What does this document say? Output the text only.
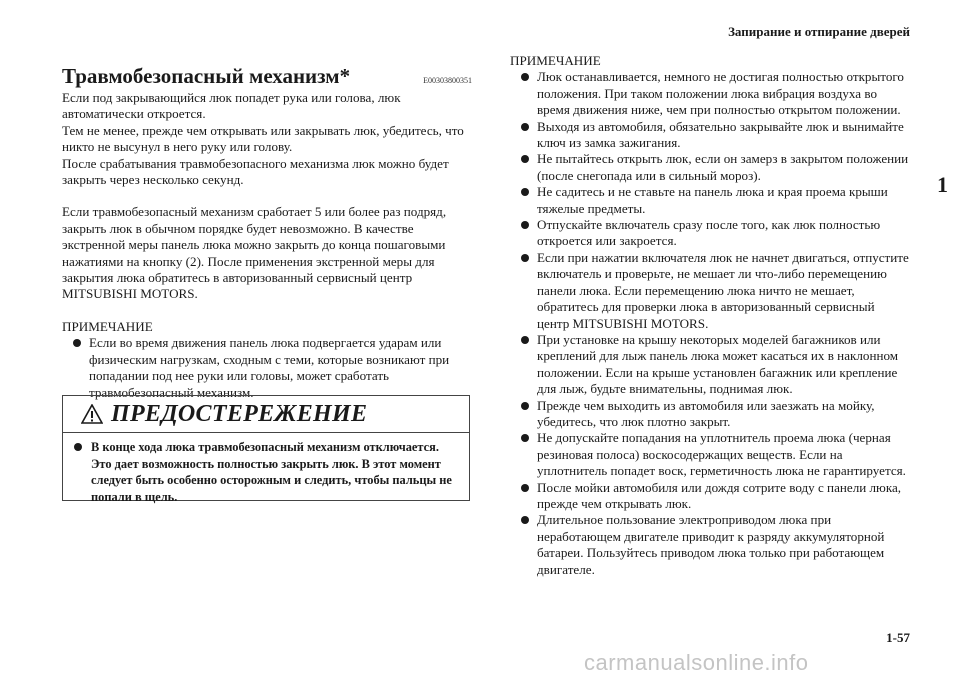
Запирание и отпирание дверей
1
Травмобезопасный механизм*	E00303800351
Если под закрывающийся люк попадет рука или голова, люк автоматически откроется.
Тем не менее, прежде чем открывать или закрывать люк, убедитесь, что никто не высунул в него руку или голову.
После срабатывания травмобезопасного механизма люк можно будет закрыть через несколько секунд.
Если травмобезопасный механизм сработает 5 или более раз подряд, закрыть люк в обычном порядке будет невозможно. В качестве экстренной меры панель люка можно закрыть до конца пошаговыми нажатиями на кнопку (2). После применения экстренной меры для закрытия люка обратитесь в авторизованный сервисный центр MITSUBISHI MOTORS.
ПРИМЕЧАНИЕ
Если во время движения панель люка подвергается ударам или физическим нагрузкам, сходным с теми, которые возникают при попадании под нее руки или головы, может сработать травмобезопасный механизм.
ПРЕДОСТЕРЕЖЕНИЕ
В конце хода люка травмобезопасный механизм отключается. Это дает возможность полностью закрыть люк. В этот момент следует быть особенно осторожным и следить, чтобы пальцы не попали в щель.
ПРИМЕЧАНИЕ
Люк останавливается, немного не достигая полностью открытого положения. При таком положении люка вибрация воздуха во время движения ниже, чем при полностью открытом положении.
Выходя из автомобиля, обязательно закрывайте люк и вынимайте ключ из замка зажигания.
Не пытайтесь открыть люк, если он замерз в закрытом положении (после снегопада или в сильный мороз).
Не садитесь и не ставьте на панель люка и края проема крыши тяжелые предметы.
Отпускайте включатель сразу после того, как люк полностью откроется или закроется.
Если при нажатии включателя люк не начнет двигаться, отпустите включатель и проверьте, не мешает ли что-либо перемещению панели люка. Если перемещению люка ничто не мешает, обратитесь для проверки люка в авторизованный сервисный центр MITSUBISHI MOTORS.
При установке на крышу некоторых моделей багажников или креплений для лыж панель люка может касаться их в наклонном положении. Если на крыше установлен багажник или крепление для лыж, будьте внимательны, поднимая люк.
Прежде чем выходить из автомобиля или заезжать на мойку, убедитесь, что люк плотно закрыт.
Не допускайте попадания на уплотнитель проема люка (черная резиновая полоса) воскосодержащих веществ. Если на уплотнитель попадет воск, герметичность люка не гарантируется.
После мойки автомобиля или дождя сотрите воду с панели люка, прежде чем открывать люк.
Длительное пользование электроприводом люка при неработающем двигателе приводит к разряду аккумуляторной батареи. Пользуйтесь приводом люка только при работающем двигателе.
1-57
carmanualsonline.info
